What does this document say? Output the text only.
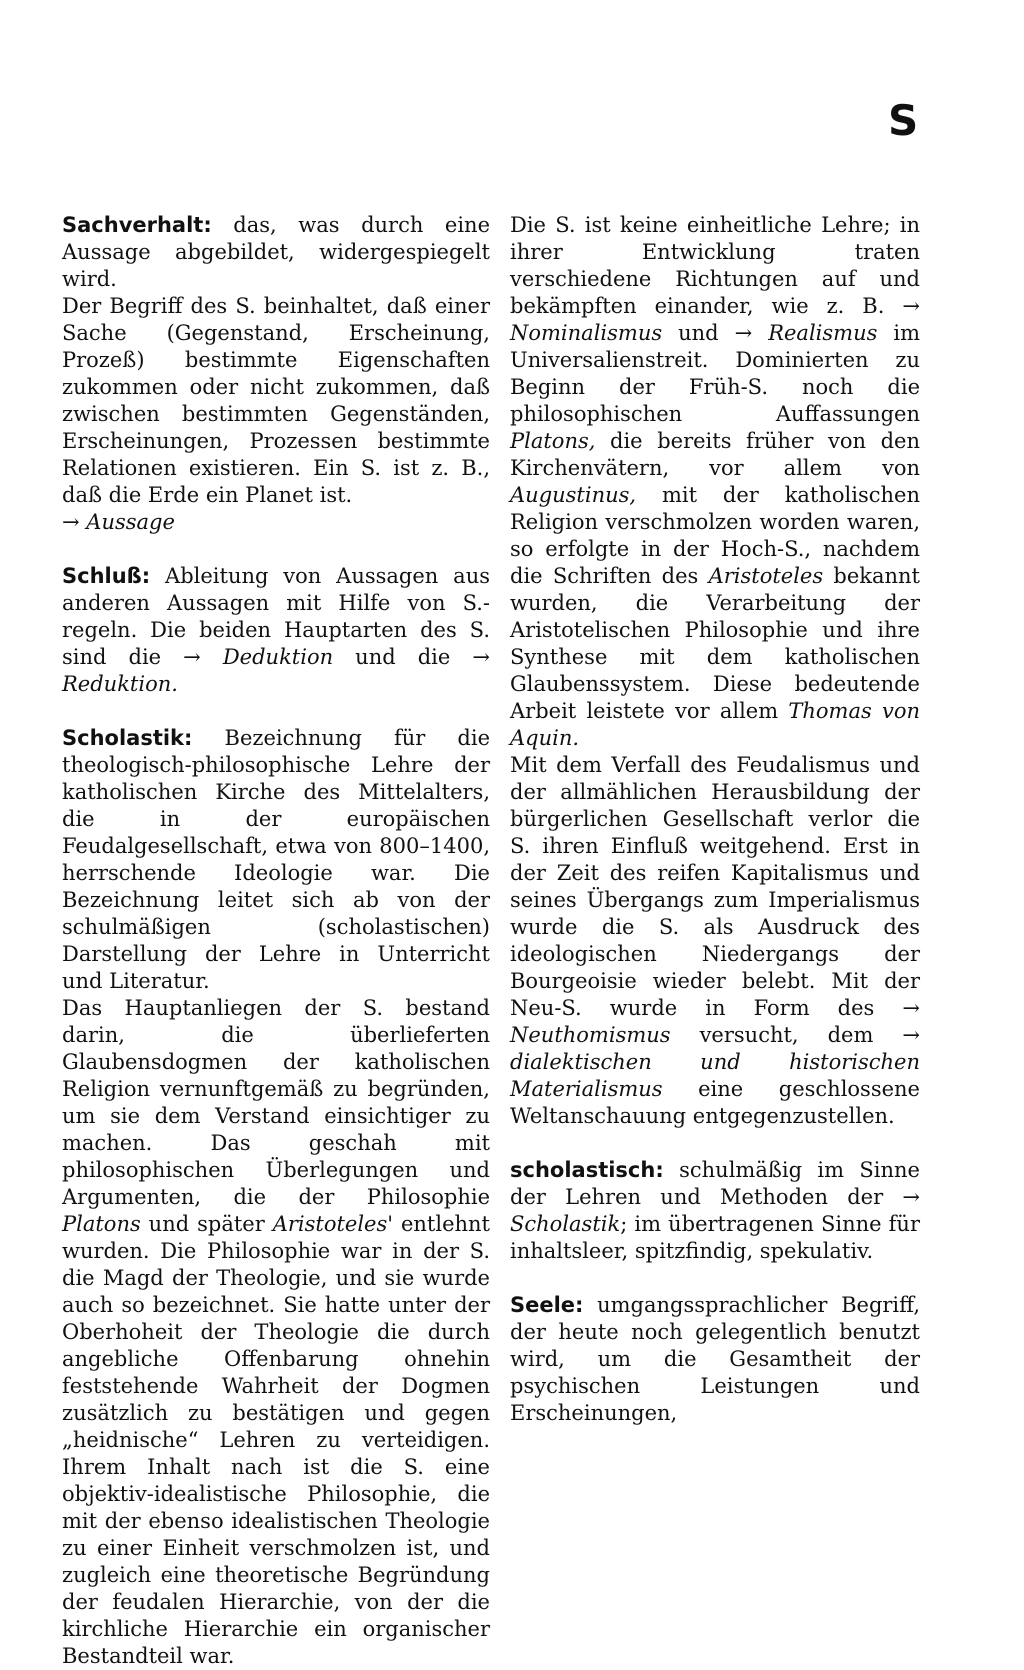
S

Sachverhalt: das, was durch eine Aussage abgebildet, widergespiegelt wird.

Der Begriff des S. beinhaltet, daß einer Sache (Gegenstand, Erscheinung, Prozeß) bestimmte Eigenschaften zukommen oder nicht zukommen, daß zwischen bestimmten Gegenständen, Erscheinungen, Prozessen bestimmte Relationen existieren. Ein S. ist z. B., daß die Erde ein Planet ist.

→ Aussage

Schluß: Ableitung von Aussagen aus anderen Aussagen mit Hilfe von S.-regeln. Die beiden Hauptarten des S. sind die → Deduktion und die → Reduktion.

Scholastik: Bezeichnung für die theologisch-philosophische Lehre der katholischen Kirche des Mittelalters, die in der europäischen Feudalgesellschaft, etwa von 800–1400, herrschende Ideologie war. Die Bezeichnung leitet sich ab von der schulmäßigen (scholastischen) Darstellung der Lehre in Unterricht und Literatur.

Das Hauptanliegen der S. bestand darin, die überlieferten Glaubensdogmen der katholischen Religion vernunftgemäß zu begründen, um sie dem Verstand einsichtiger zu machen. Das geschah mit philosophischen Überlegungen und Argumenten, die der Philosophie Platons und später Aristoteles' entlehnt wurden. Die Philosophie war in der S. die Magd der Theologie, und sie wurde auch so bezeichnet. Sie hatte unter der Oberhoheit der Theologie die durch angebliche Offenbarung ohnehin feststehende Wahrheit der Dogmen zusätzlich zu bestätigen und gegen „heidnische“ Lehren zu verteidigen. Ihrem Inhalt nach ist die S. eine objektiv-idealistische Philosophie, die mit der ebenso idealistischen Theologie zu einer Einheit verschmolzen ist, und zugleich eine theoretische Begründung der feudalen Hierarchie, von der die kirchliche Hierarchie ein organischer Bestandteil war.

Die S. ist keine einheitliche Lehre; in ihrer Entwicklung traten verschiedene Richtungen auf und bekämpften einander, wie z. B. → Nominalismus und → Realismus im Universalienstreit. Dominierten zu Beginn der Früh-S. noch die philosophischen Auffassungen Platons, die bereits früher von den Kirchenvätern, vor allem von Augustinus, mit der katholischen Religion verschmolzen worden waren, so erfolgte in der Hoch-S., nachdem die Schriften des Aristoteles bekannt wurden, die Verarbeitung der Aristotelischen Philosophie und ihre Synthese mit dem katholischen Glaubenssystem. Diese bedeutende Arbeit leistete vor allem Thomas von Aquin.

Mit dem Verfall des Feudalismus und der allmählichen Herausbildung der bürgerlichen Gesellschaft verlor die S. ihren Einfluß weitgehend. Erst in der Zeit des reifen Kapitalismus und seines Übergangs zum Imperialismus wurde die S. als Ausdruck des ideologischen Niedergangs der Bourgeoisie wieder belebt. Mit der Neu-S. wurde in Form des → Neuthomismus versucht, dem → dialektischen und historischen Materialismus eine geschlossene Weltanschauung entgegenzustellen.

scholastisch: schulmäßig im Sinne der Lehren und Methoden der → Scholastik; im übertragenen Sinne für inhaltsleer, spitzfindig, spekulativ.

Seele: umgangssprachlicher Begriff, der heute noch gelegentlich benutzt wird, um die Gesamtheit der psychischen Leistungen und Erscheinungen,
